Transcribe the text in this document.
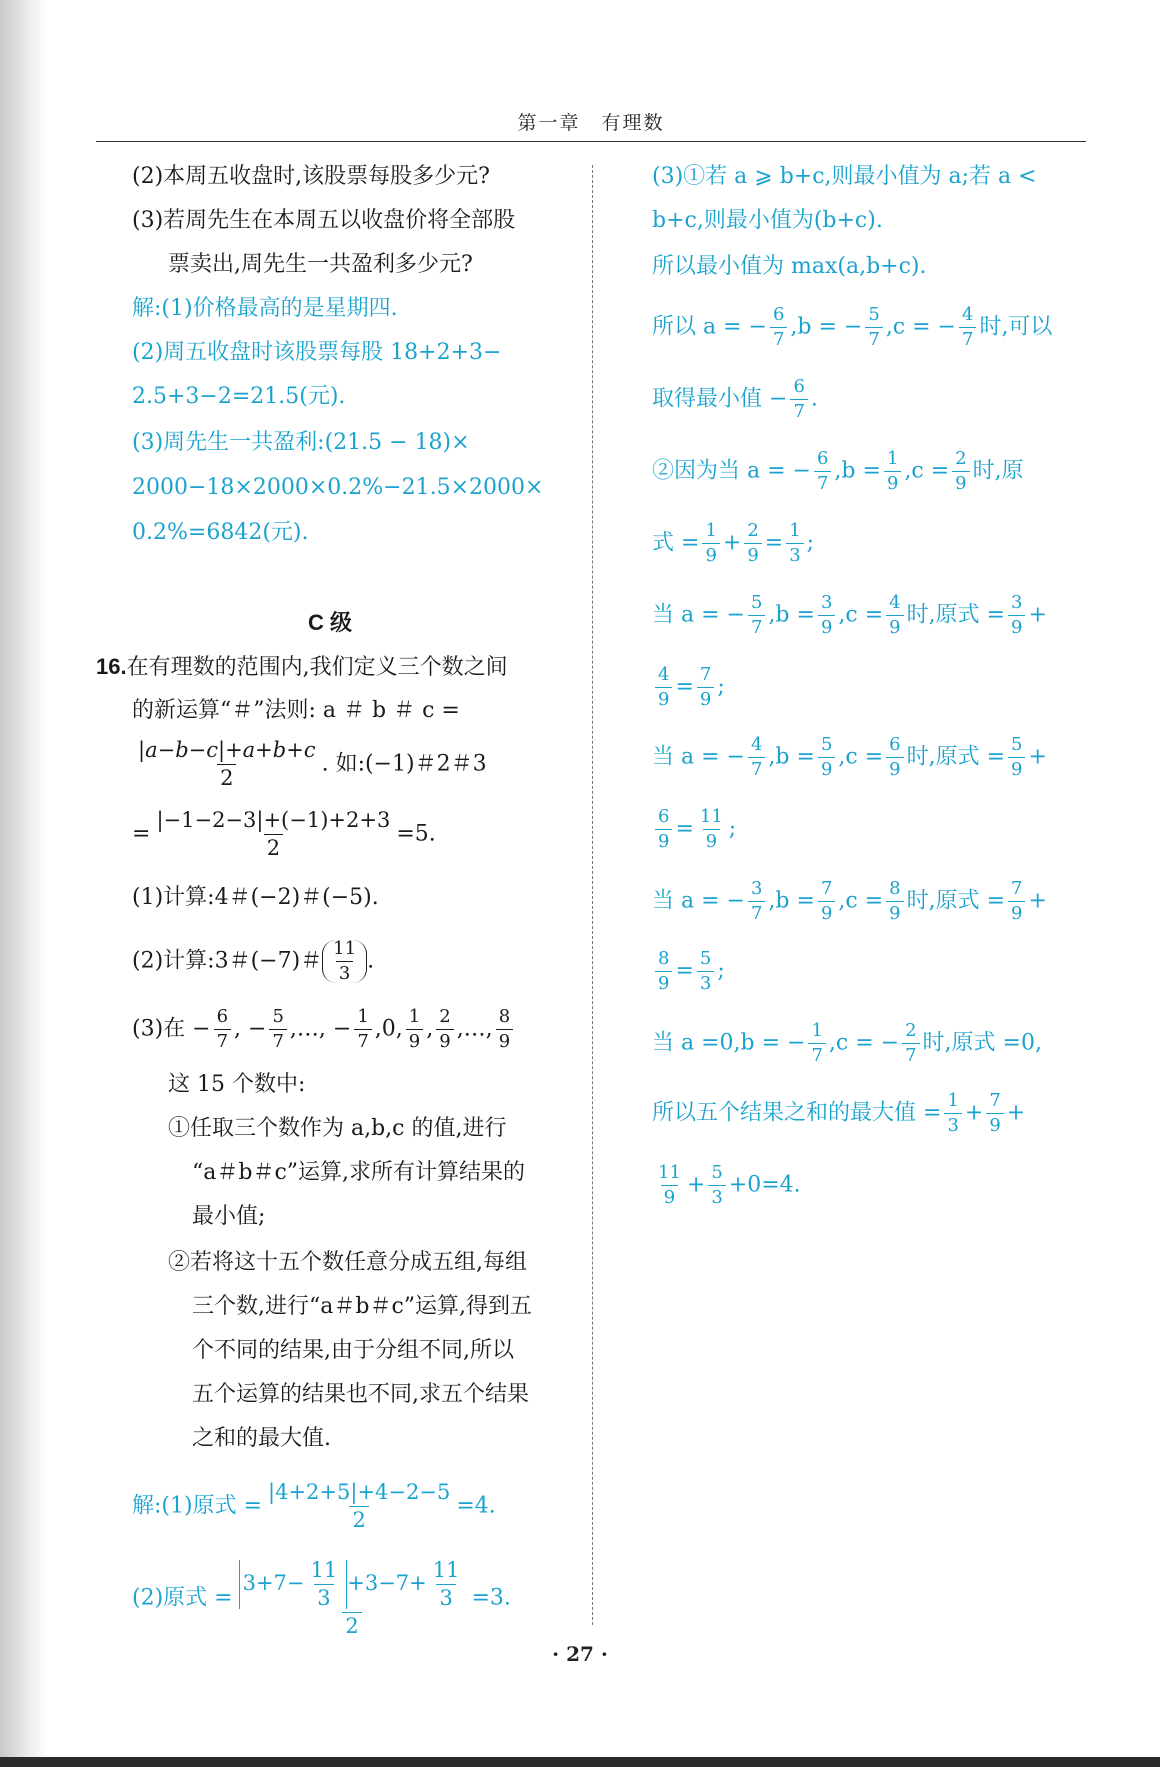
第一章　有理数
(2)本周五收盘时,该股票每股多少元?
(3)若周先生在本周五以收盘价将全部股
票卖出,周先生一共盈利多少元?
解:(1)价格最高的是星期四.
(2)周五收盘时该股票每股 18+2+3−
2.5+3−2=21.5(元).
(3)周先生一共盈利:(21.5 − 18)×
2000−18×2000×0.2%−21.5×2000×
0.2%=6842(元).
C 级
16.在有理数的范围内,我们定义三个数之间
的新运算“＃”法则: a ＃ b ＃ c =
$\frac{|a-b-c|+a+b+c}{2}$ . 如:(−1)＃2＃3
= $\frac{|-1-2-3|+(-1)+2+3}{2} =5$.
(1)计算:4＃(−2)＃(−5).
(2)计算:3＃(−7)＃ $\frac{11}{3}$ .
(3)在 − $\frac{6}{7}$ , − $\frac{5}{7}$ ,…, − $\frac{1}{7} ,0$, $\frac{1}{9}$ , $\frac{2}{9}$ ,…, $\frac{8}{9}$
这 15 个数中:
①任取三个数作为 a,b,c 的值,进行
“a＃b＃c”运算,求所有计算结果的
最小值;
②若将这十五个数任意分成五组,每组
三个数,进行“a＃b＃c”运算,得到五
个不同的结果,由于分组不同,所以
五个运算的结果也不同,求五个结果
之和的最大值.
解:(1)原式 = $\frac{|4+2+5|+4-2-5}{2} =4$.
(2)原式 = $\frac{3+7- \frac{11}{3} +3-7+ \frac{11}{3}}{2} =3$.
(3)①若 a ⩾ b+c,则最小值为 a;若 a <
b+c,则最小值为(b+c).
所以最小值为 max(a,b+c).
所以 a = − $\frac{6}{7} ,b$ = − $\frac{5}{7} ,c$ = − $\frac{4}{7}$ 时,可以
取得最小值 − $\frac{6}{7}$ .
②因为当 a = − $\frac{6}{7} ,b = \frac{1}{9} ,c = \frac{2}{9}$ 时,原
式 = $\frac{1}{9} + \frac{2}{9} = \frac{1}{3}$ ;
当 a = − $\frac{5}{7} ,b = \frac{3}{9} ,c = \frac{4}{9}$ 时,原式 = $\frac{3}{9}$ +
$\frac{4}{9} = \frac{7}{9}$ ;
当 a = − $\frac{4}{7} ,b = \frac{5}{9} ,c = \frac{6}{9}$ 时,原式 = $\frac{5}{9}$ +
$\frac{6}{9} = \frac{11}{9}$ ;
当 a = − $\frac{3}{7} ,b = \frac{7}{9} ,c = \frac{8}{9}$ 时,原式 = $\frac{7}{9}$ +
$\frac{8}{9} = \frac{5}{3}$ ;
当 a =0,b = − $\frac{1}{7} ,c$ = − $\frac{2}{7}$ 时,原式 =0,
所以五个结果之和的最大值 = $\frac{1}{3} + \frac{7}{9}$ +
$\frac{11}{9} + \frac{5}{3} +0=4$.
· 27 ·
